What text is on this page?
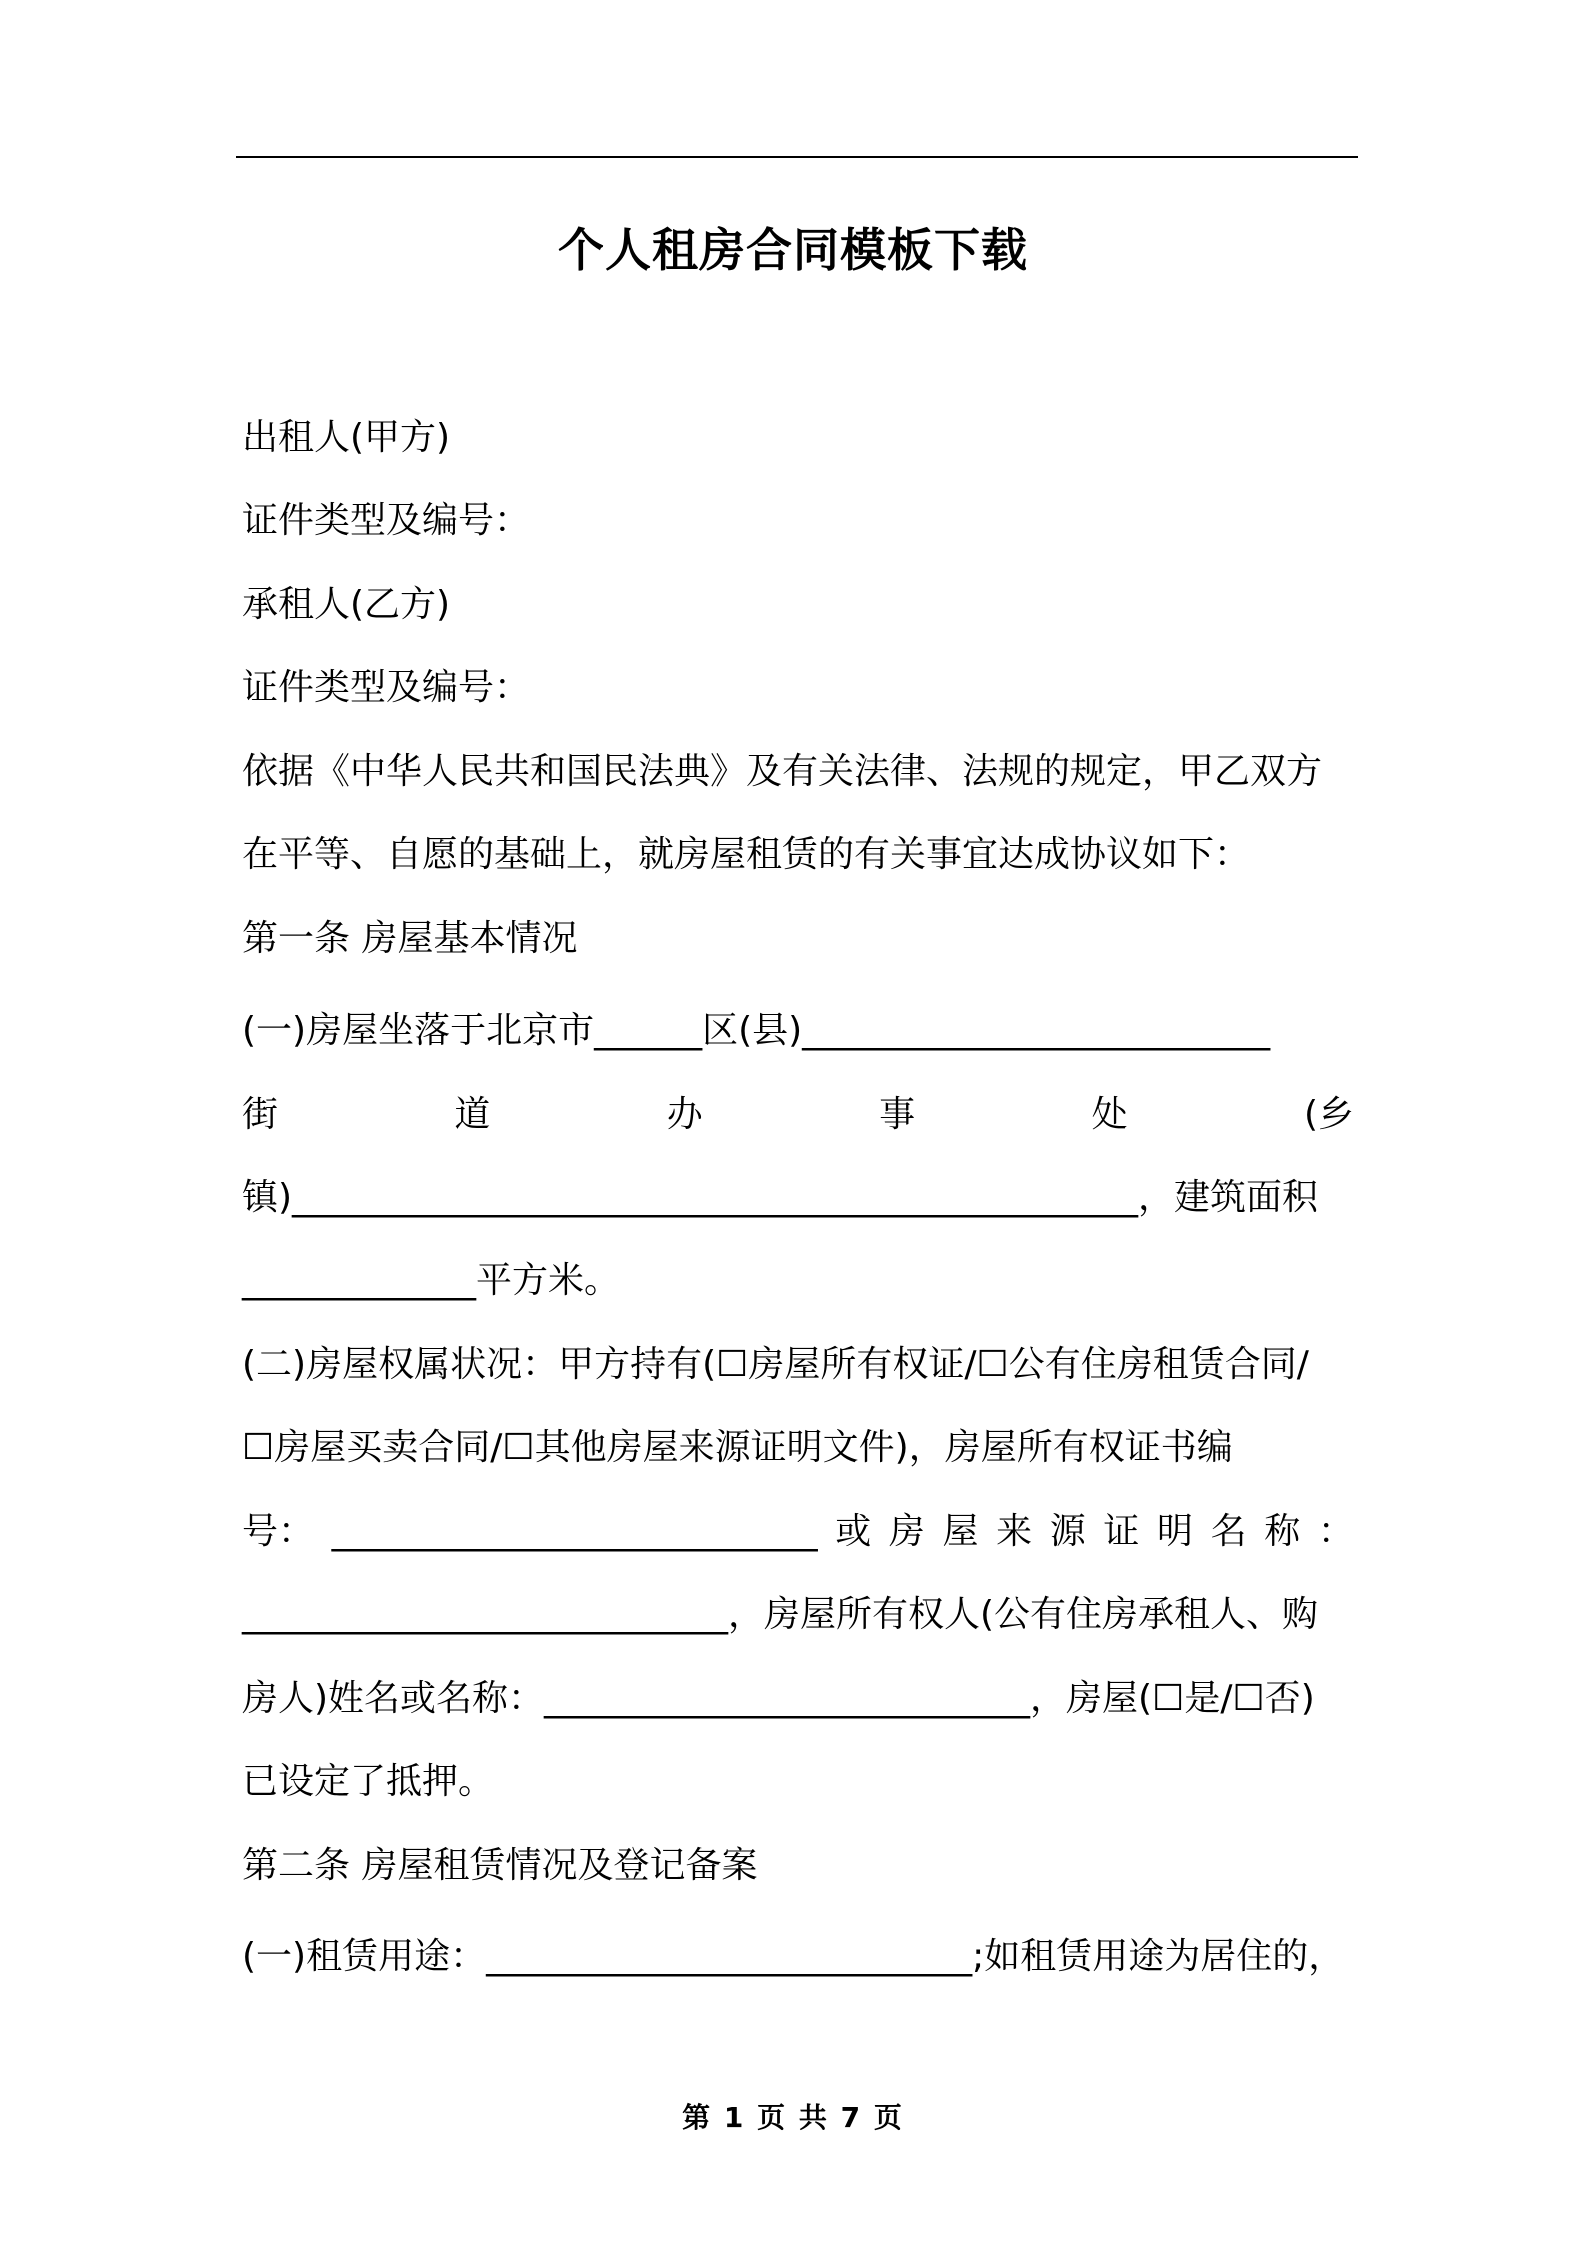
个人租房合同模板下载
出租人(甲方)
证件类型及编号：
承租人(乙方)
证件类型及编号：
依据《中华人民共和国民法典》及有关法律、法规的规定，甲乙双方
在平等、自愿的基础上，就房屋租赁的有关事宜达成协议如下：
第一条 房屋基本情况
(一)房屋坐落于北京市______区(县)__________________________
街	道	办	事	处	(乡
镇)_______________________________________________，建筑面积
_____________平方米。
(二)房屋权属状况：甲方持有(☐房屋所有权证/☐公有住房租赁合同/
☐房屋买卖合同/☐其他房屋来源证明文件)，房屋所有权证书编
号： ___________________________ 或 房 屋 来 源 证 明 名 称 ：
___________________________，房屋所有权人(公有住房承租人、购
房人)姓名或名称：___________________________，房屋(☐是/☐否)
已设定了抵押。
第二条 房屋租赁情况及登记备案
(一)租赁用途：___________________________;如租赁用途为居住的，
第 1 页 共 7 页
